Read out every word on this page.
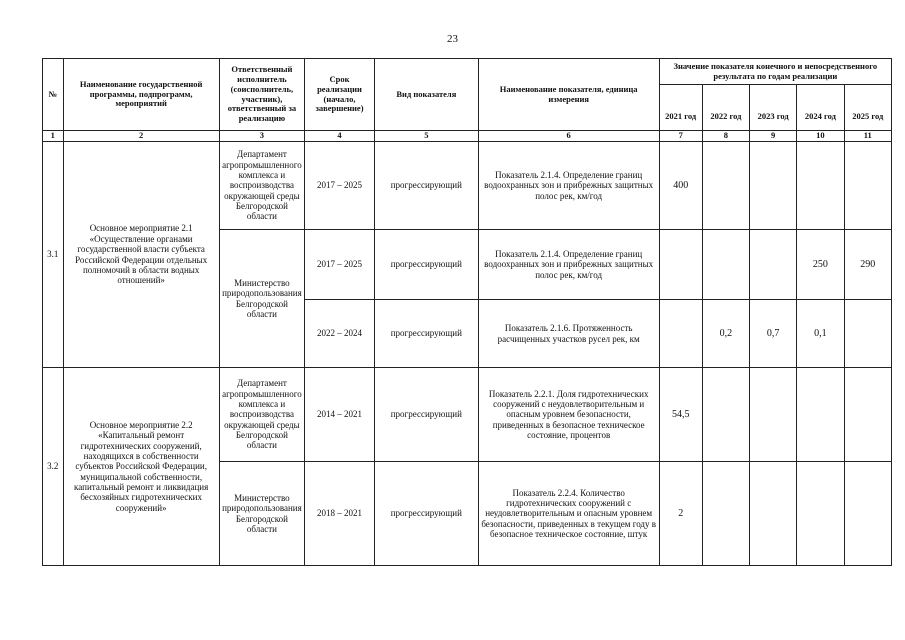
23
№	Наименование государственной программы, подпрограмм, мероприятий	Ответственный исполнитель (соисполнитель, участник), ответственный за реализацию	Срок реализации (начало, завершение)	Вид показателя	Наименование показателя, единица измерения	Значение показателя конечного и непосредственного результата по годам реализации				
						2021 год	2022 год	2023 год	2024 год	2025 год
1	2	3	4	5	6	7	8	9	10	11
3.1	Основное мероприятие 2.1 «Осуществление органами государственной власти субъекта Российской Федерации отдельных полномочий в области водных отношений»	Департамент агропромышленного комплекса и воспроизводства окружающей среды Белгородской области	2017 – 2025	прогрессирующий	Показатель 2.1.4. Определение границ водоохранных зон и прибрежных защитных полос рек, км/год	400				
		Министерство природопользования Белгородской области	2017 – 2025	прогрессирующий	Показатель 2.1.4. Определение границ водоохранных зон и прибрежных защитных полос рек, км/год				250	290
			2022 – 2024	прогрессирующий	Показатель 2.1.6. Протяженность расчищенных участков русел рек, км		0,2	0,7	0,1	
3.2	Основное мероприятие 2.2 «Капитальный ремонт гидротехнических сооружений, находящихся в собственности субъектов Российской Федерации, муниципальной собственности, капитальный ремонт и ликвидация бесхозяйных гидротехнических сооружений»	Департамент агропромышленного комплекса и воспроизводства окружающей среды Белгородской области	2014 – 2021	прогрессирующий	Показатель 2.2.1. Доля гидротехнических сооружений с неудовлетворительным и опасным уровнем безопасности, приведенных в безопасное техническое состояние, процентов	54,5				
		Министерство природопользования Белгородской области	2018 – 2021	прогрессирующий	Показатель 2.2.4. Количество гидротехнических сооружений с неудовлетворительным и опасным уровнем безопасности, приведенных в текущем году в безопасное техническое состояние, штук	2				
